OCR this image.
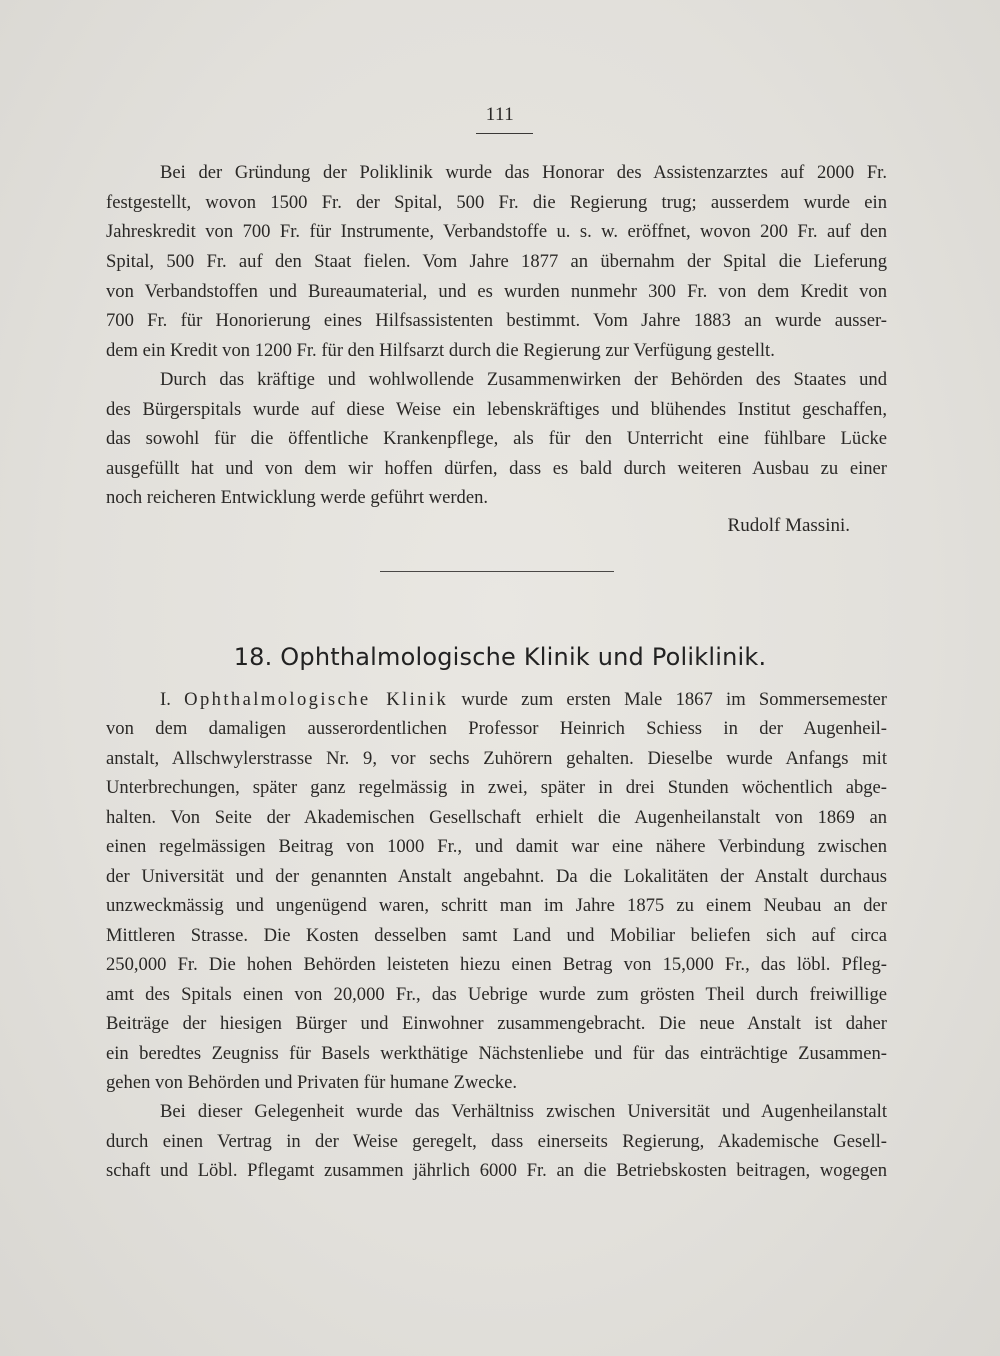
111
Bei der Gründung der Poliklinik wurde das Honorar des Assistenzarztes auf 2000 Fr.
festgestellt, wovon 1500 Fr. der Spital, 500 Fr. die Regierung trug; ausserdem wurde ein
Jahreskredit von 700 Fr. für Instrumente, Verbandstoffe u. s. w. eröffnet, wovon 200 Fr. auf den
Spital, 500 Fr. auf den Staat fielen. Vom Jahre 1877 an übernahm der Spital die Lieferung
von Verbandstoffen und Bureaumaterial, und es wurden nunmehr 300 Fr. von dem Kredit von
700 Fr. für Honorierung eines Hilfsassistenten bestimmt. Vom Jahre 1883 an wurde ausser-
dem ein Kredit von 1200 Fr. für den Hilfsarzt durch die Regierung zur Verfügung gestellt.
Durch das kräftige und wohlwollende Zusammenwirken der Behörden des Staates und
des Bürgerspitals wurde auf diese Weise ein lebenskräftiges und blühendes Institut geschaffen,
das sowohl für die öffentliche Krankenpflege, als für den Unterricht eine fühlbare Lücke
ausgefüllt hat und von dem wir hoffen dürfen, dass es bald durch weiteren Ausbau zu einer
noch reicheren Entwicklung werde geführt werden.
Rudolf Massini.
18. Ophthalmologische Klinik und Poliklinik.
I. Ophthalmologische Klinik wurde zum ersten Male 1867 im Sommersemester
von dem damaligen ausserordentlichen Professor Heinrich Schiess in der Augenheil-
anstalt, Allschwylerstrasse Nr. 9, vor sechs Zuhörern gehalten. Dieselbe wurde Anfangs mit
Unterbrechungen, später ganz regelmässig in zwei, später in drei Stunden wöchentlich abge-
halten. Von Seite der Akademischen Gesellschaft erhielt die Augenheilanstalt von 1869 an
einen regelmässigen Beitrag von 1000 Fr., und damit war eine nähere Verbindung zwischen
der Universität und der genannten Anstalt angebahnt. Da die Lokalitäten der Anstalt durchaus
unzweckmässig und ungenügend waren, schritt man im Jahre 1875 zu einem Neubau an der
Mittleren Strasse. Die Kosten desselben samt Land und Mobiliar beliefen sich auf circa
250,000 Fr. Die hohen Behörden leisteten hiezu einen Betrag von 15,000 Fr., das löbl. Pfleg-
amt des Spitals einen von 20,000 Fr., das Uebrige wurde zum grösten Theil durch freiwillige
Beiträge der hiesigen Bürger und Einwohner zusammengebracht. Die neue Anstalt ist daher
ein beredtes Zeugniss für Basels werkthätige Nächstenliebe und für das einträchtige Zusammen-
gehen von Behörden und Privaten für humane Zwecke.
Bei dieser Gelegenheit wurde das Verhältniss zwischen Universität und Augenheilanstalt
durch einen Vertrag in der Weise geregelt, dass einerseits Regierung, Akademische Gesell-
schaft und Löbl. Pflegamt zusammen jährlich 6000 Fr. an die Betriebskosten beitragen, wogegen
